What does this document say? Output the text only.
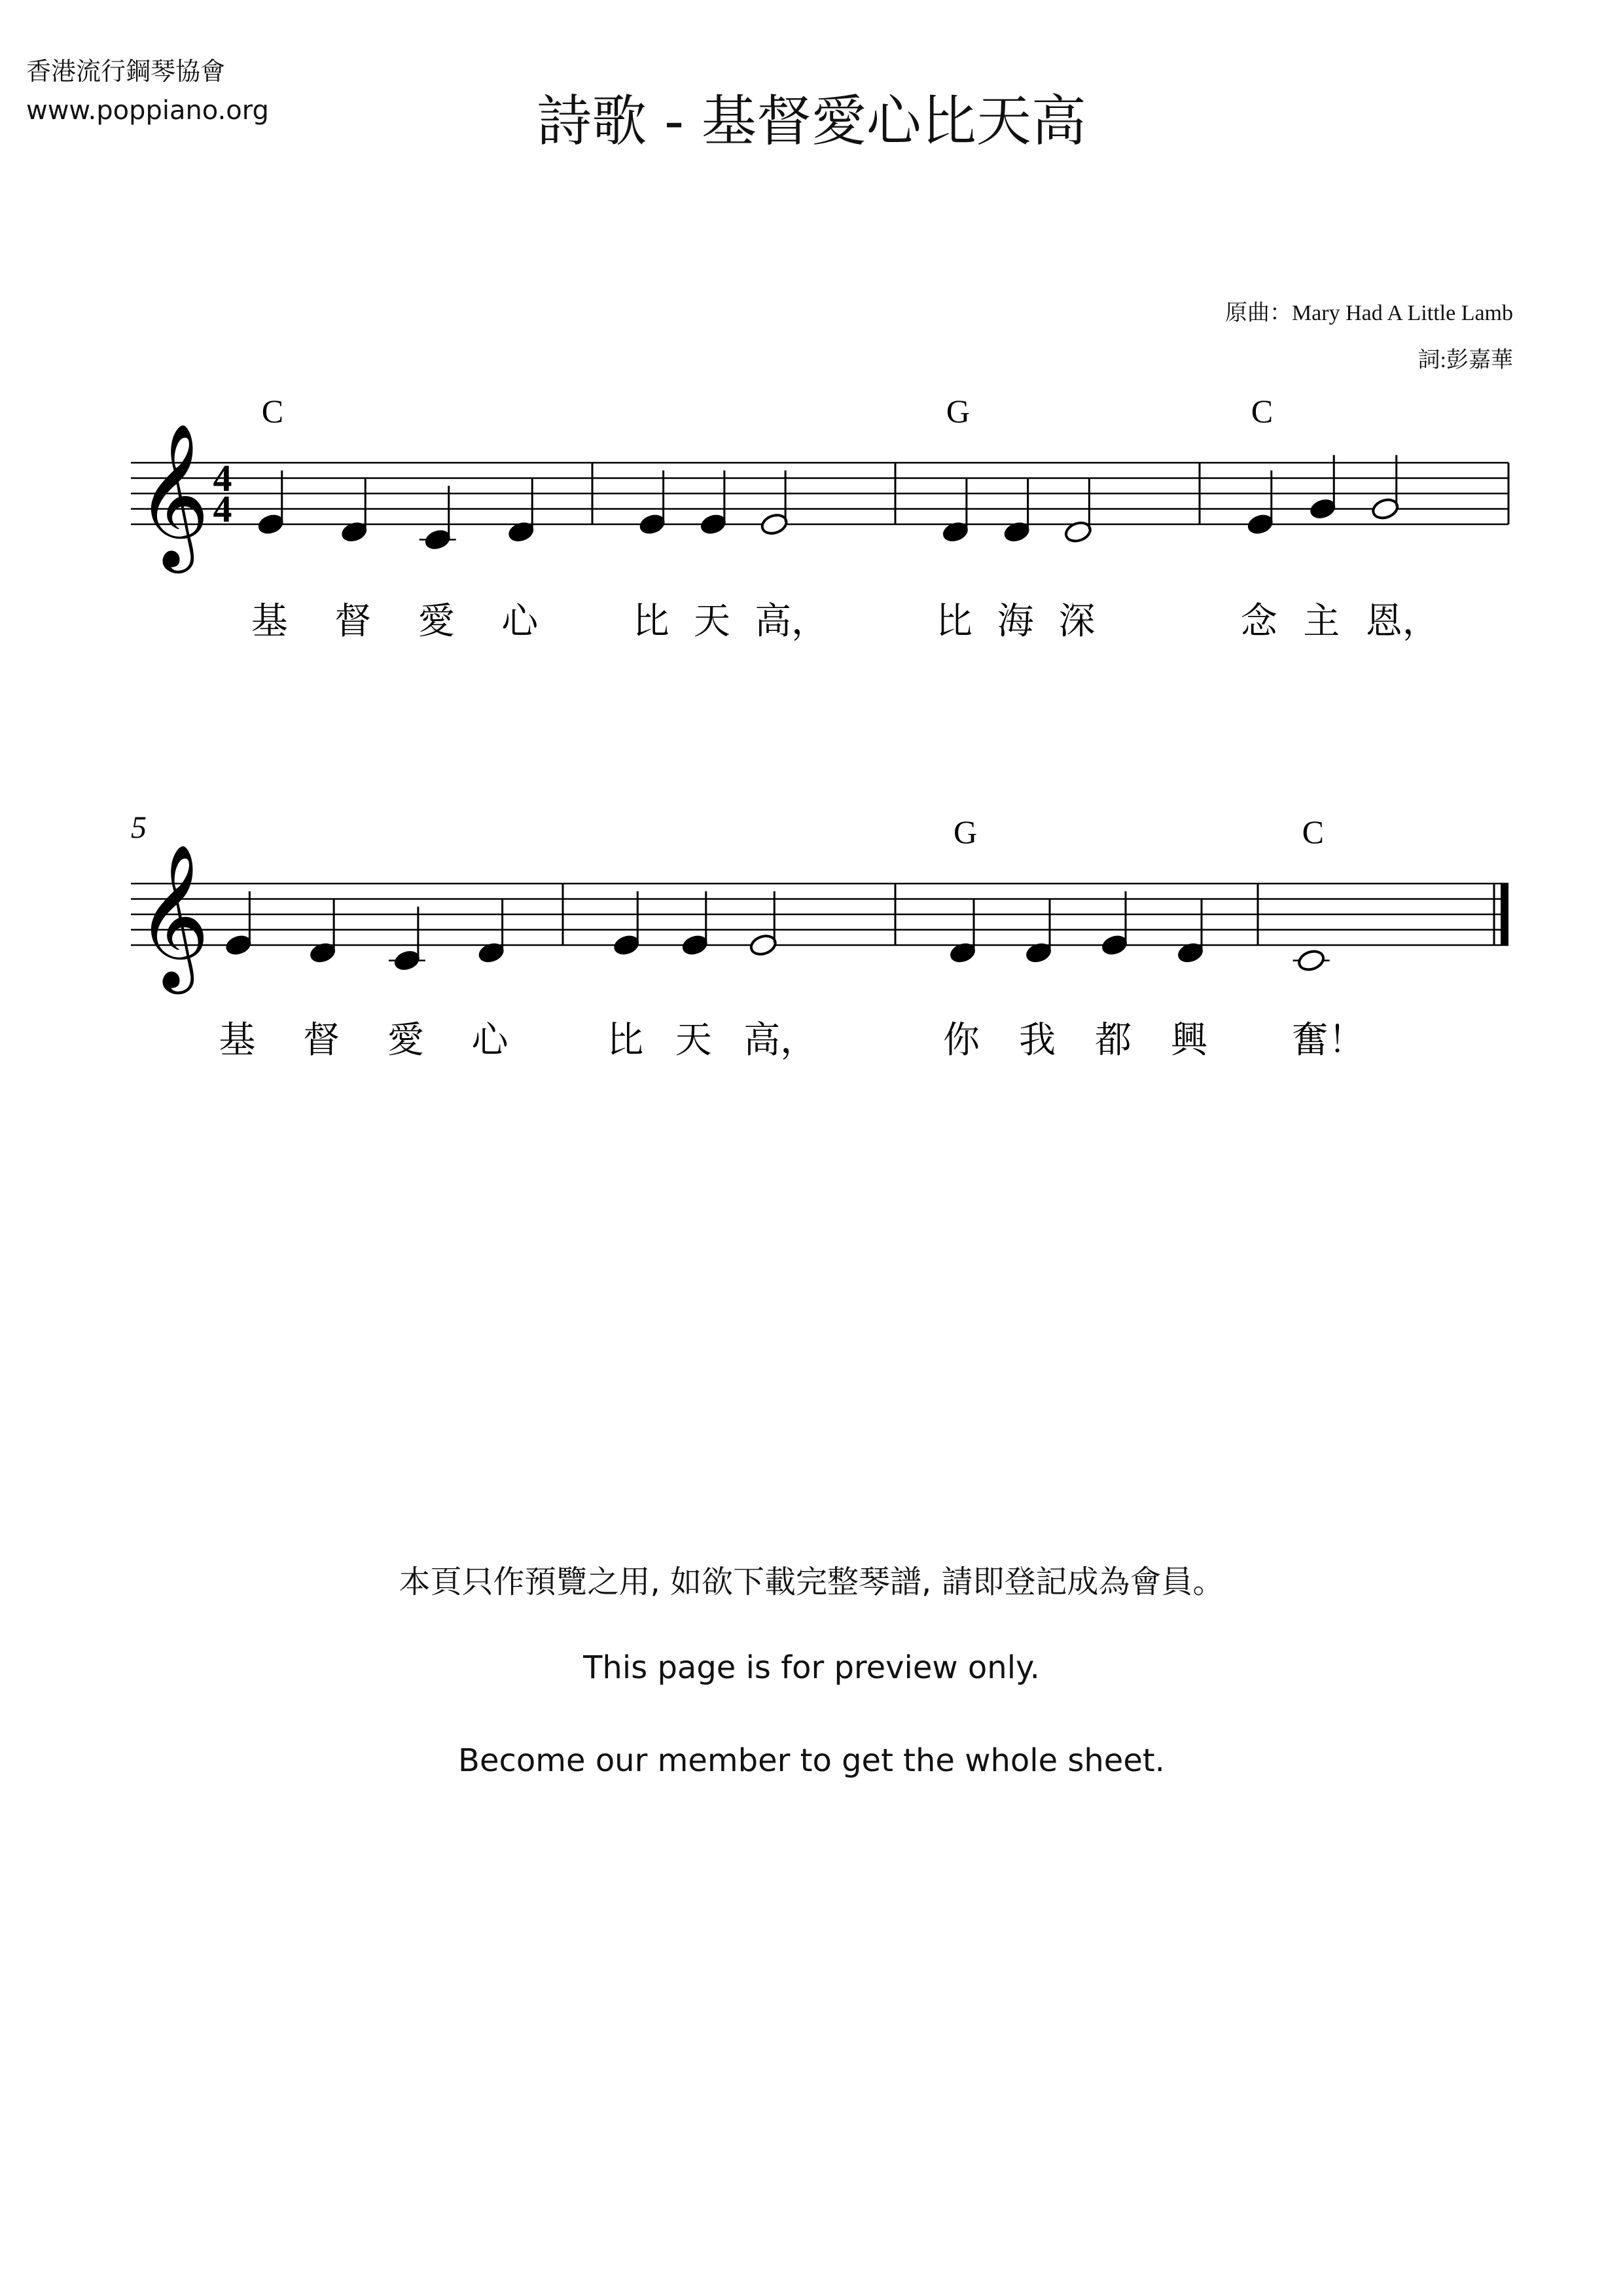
香港流行鋼琴協會
www.poppiano.org	詩歌 - 基督愛心比天高
原曲：Mary Had A Little Lamb
詞:彭嘉華
𝄞 4
4
C
基 督 愛 心	比 天 高，
G
比 海 深
C
念 主 恩，
𝄞
5
基 督 愛 心	比 天 高，
G
你 我 都 興
C
奮！
本頁只作預覽之用, 如欲下載完整琴譜, 請即登記成為會員。
This page is for preview only.
Become our member to get the whole sheet.
